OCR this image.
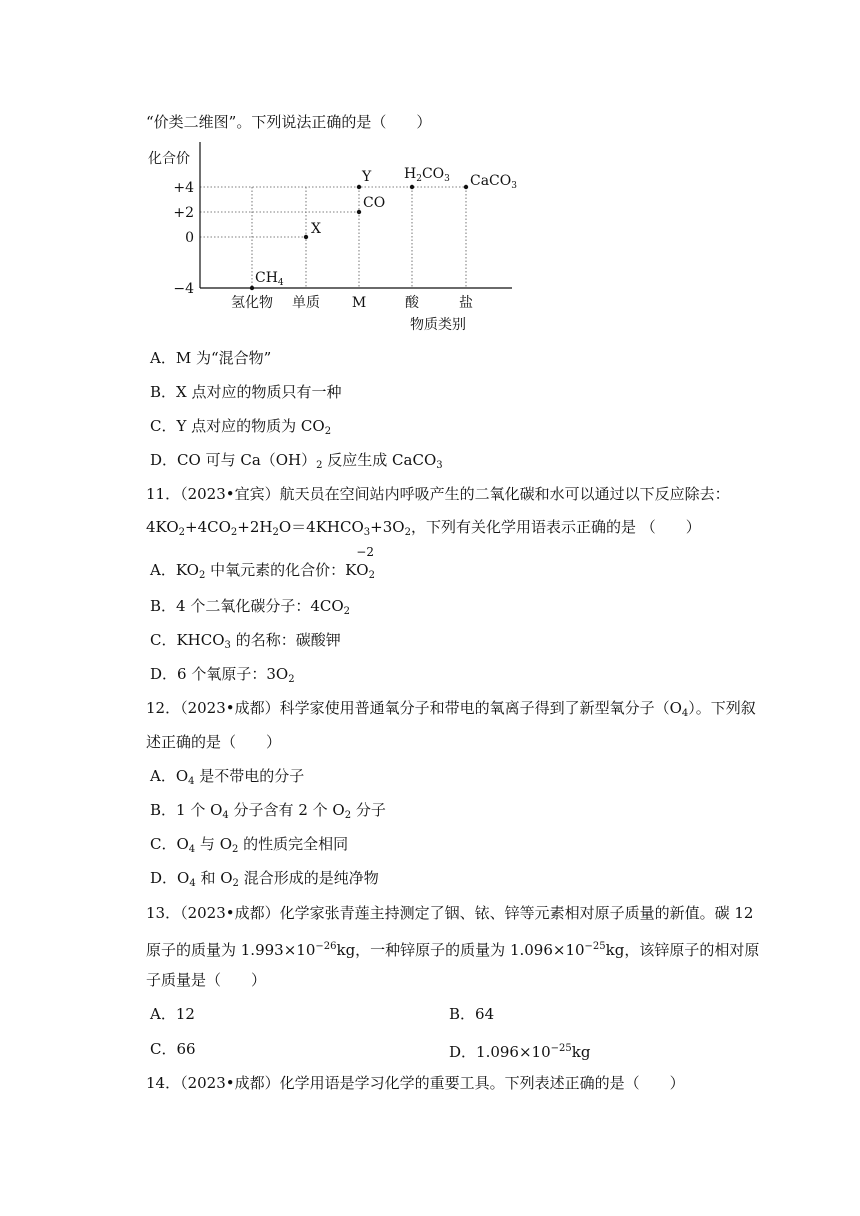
“价类二维图”。下列说法正确的是（　　）
化合价
+4
+2
0
−4
氢化物 单质 M	酸	盐
$CH_4$
X
CO
Y $H_2CO_3$ CaCO$_3$
物质类别
A．M 为“混合物”
B．X 点对应的物质只有一种
C．Y 点对应的物质为 $CO_2$
D．CO 可与 $Ca(OH)_2$ 反应生成 CaCO$_3$
11．（2023•宜宾）航天员在空间站内呼吸产生的二氧化碳和水可以通过以下反应除去：
$4KO_2+4CO_2+2H_2O=4KHCO_3+3O_2$，下列有关化学用语表示正确的是 （　　）
A．$KO_2$ 中氧元素的化合价：K
−2
$O_2$
B．4 个二氧化碳分子：$4CO_2$
C．$KHCO_3$ 的名称：碳酸钾
D．6 个氧原子：$3O_2$
12．（2023•成都）科学家使用普通氧分子和带电的氧离子得到了新型氧分子$(O_4)$。下列叙
述正确的是（　　）
A．$O_4$ 是不带电的分子
B．1 个 $O_4$ 分子含有 2 个 $O_2$ 分子
C．$O_4$ 与 $O_2$ 的性质完全相同
D．$O_4$ 和 $O_2$ 混合形成的是纯净物
13．（2023•成都）化学家张青莲主持测定了铟、铱、锌等元素相对原子质量的新值。碳 12
原子的质量为 $1.993\times 10^{-26}kg$，一种锌原子的质量为 $1.096\times 10^{-25}kg$，该锌原子的相对原
子质量是（　　）
A．12	B．64
C．66	D．$1.096\times 10^{-25}kg$
14．（2023•成都）化学用语是学习化学的重要工具。下列表述正确的是（　　）
